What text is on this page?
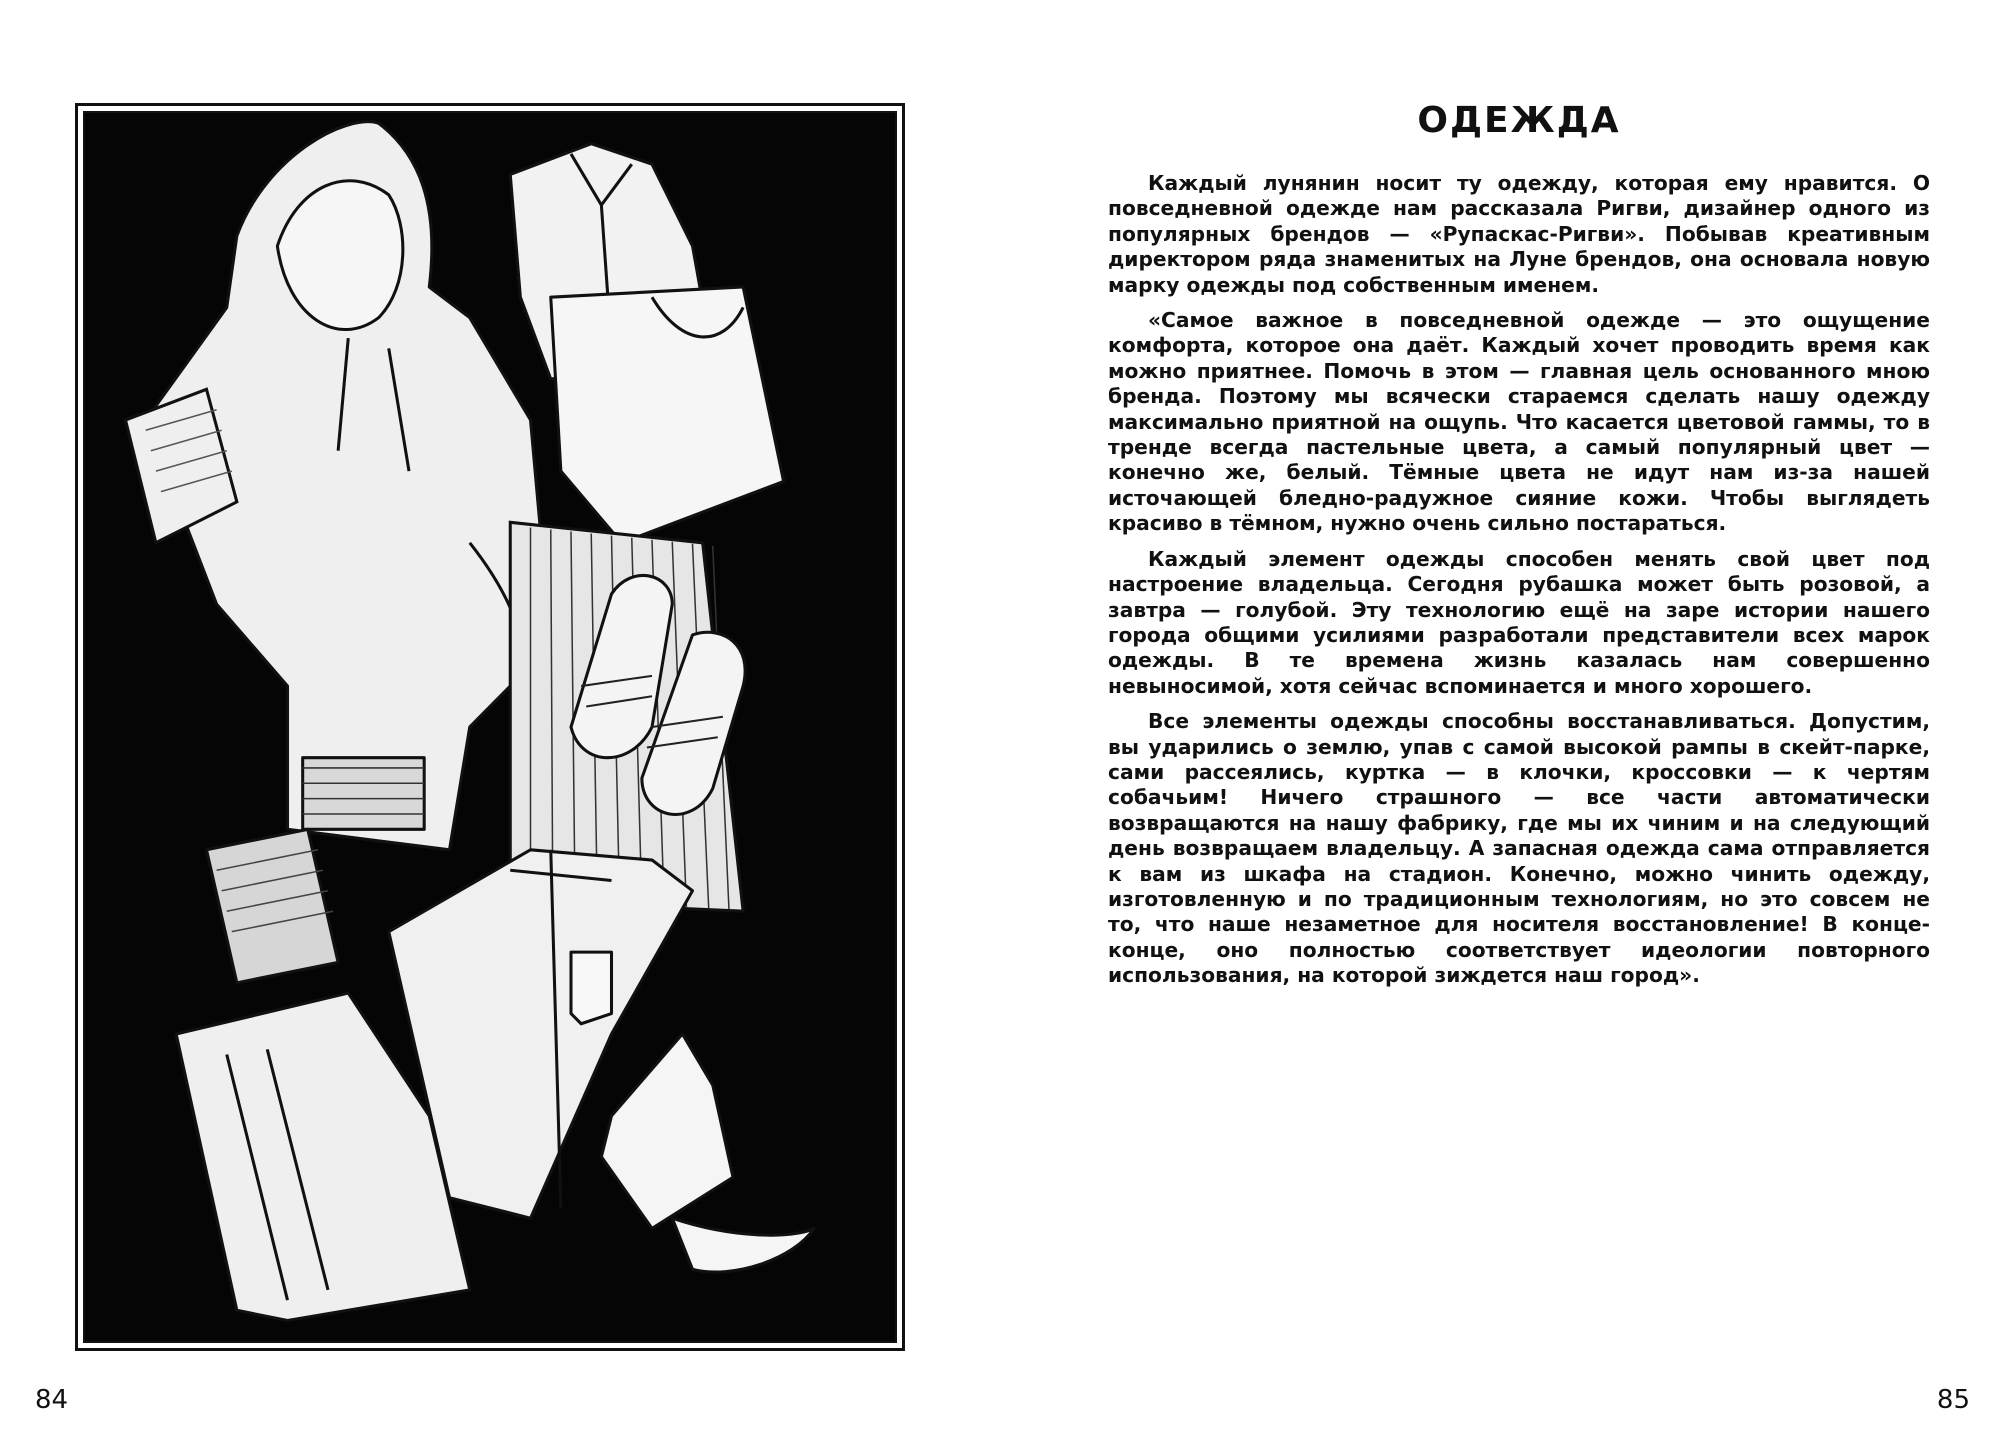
84
ОДЕЖДА

Каждый лунянин носит ту одежду, которая ему нравится. О повседневной одежде нам рассказала Ригви, дизайнер одного из популярных брендов — «Рупаскас-Ригви». Побывав креативным директором ряда знаменитых на Луне брендов, она основала новую марку одежды под собственным именем.

«Самое важное в повседневной одежде — это ощущение комфорта, которое она даёт. Каждый хочет проводить время как можно приятнее. Помочь в этом — главная цель основанного мною бренда. Поэтому мы всячески стараемся сделать нашу одежду максимально приятной на ощупь. Что касается цветовой гаммы, то в тренде всегда пастельные цвета, а самый популярный цвет — конечно же, белый. Тёмные цвета не идут нам из-за нашей источающей бледно-радужное сияние кожи. Чтобы выглядеть красиво в тёмном, нужно очень сильно постараться.

Каждый элемент одежды способен менять свой цвет под настроение владельца. Сегодня рубашка может быть розовой, а завтра — голубой. Эту технологию ещё на заре истории нашего города общими усилиями разработали представители всех марок одежды. В те времена жизнь казалась нам совершенно невыносимой, хотя сейчас вспоминается и много хорошего.

Все элементы одежды способны восстанавливаться. Допустим, вы ударились о землю, упав с самой высокой рампы в скейт-парке, сами рассеялись, куртка — в клочки, кроссовки — к чертям собачьим! Ничего страшного — все части автоматически возвращаются на нашу фабрику, где мы их чиним и на следующий день возвращаем владельцу. А запасная одежда сама отправляется к вам из шкафа на стадион. Конечно, можно чинить одежду, изготовленную и по традиционным технологиям, но это совсем не то, что наше незаметное для носителя восстановление! В конце-конце, оно полностью соответствует идеологии повторного использования, на которой зиждется наш город».

85
